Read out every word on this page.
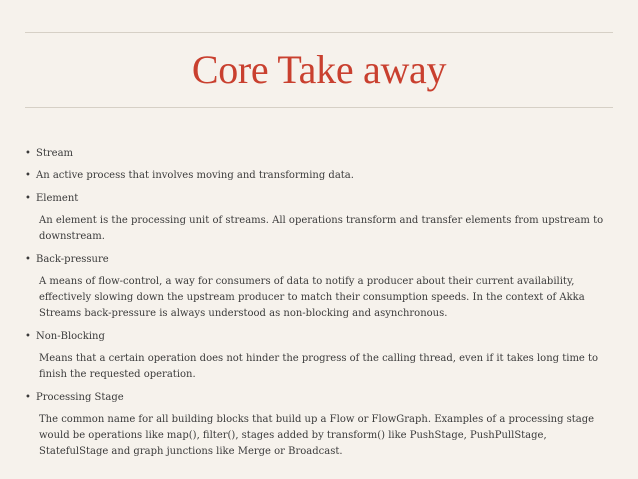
Core Take away
• Stream
• An active process that involves moving and transforming data.
• Element
An element is the processing unit of streams. All operations transform and transfer elements from upstream to downstream.
• Back-pressure
A means of flow-control, a way for consumers of data to notify a producer about their current availability, effectively slowing down the upstream producer to match their consumption speeds. In the context of Akka Streams back-pressure is always understood as non-blocking and asynchronous.
• Non-Blocking
Means that a certain operation does not hinder the progress of the calling thread, even if it takes long time to finish the requested operation.
• Processing Stage
The common name for all building blocks that build up a Flow or FlowGraph. Examples of a processing stage would be operations like map(), filter(), stages added by transform() like PushStage, PushPullStage, StatefulStage and graph junctions like Merge or Broadcast.
